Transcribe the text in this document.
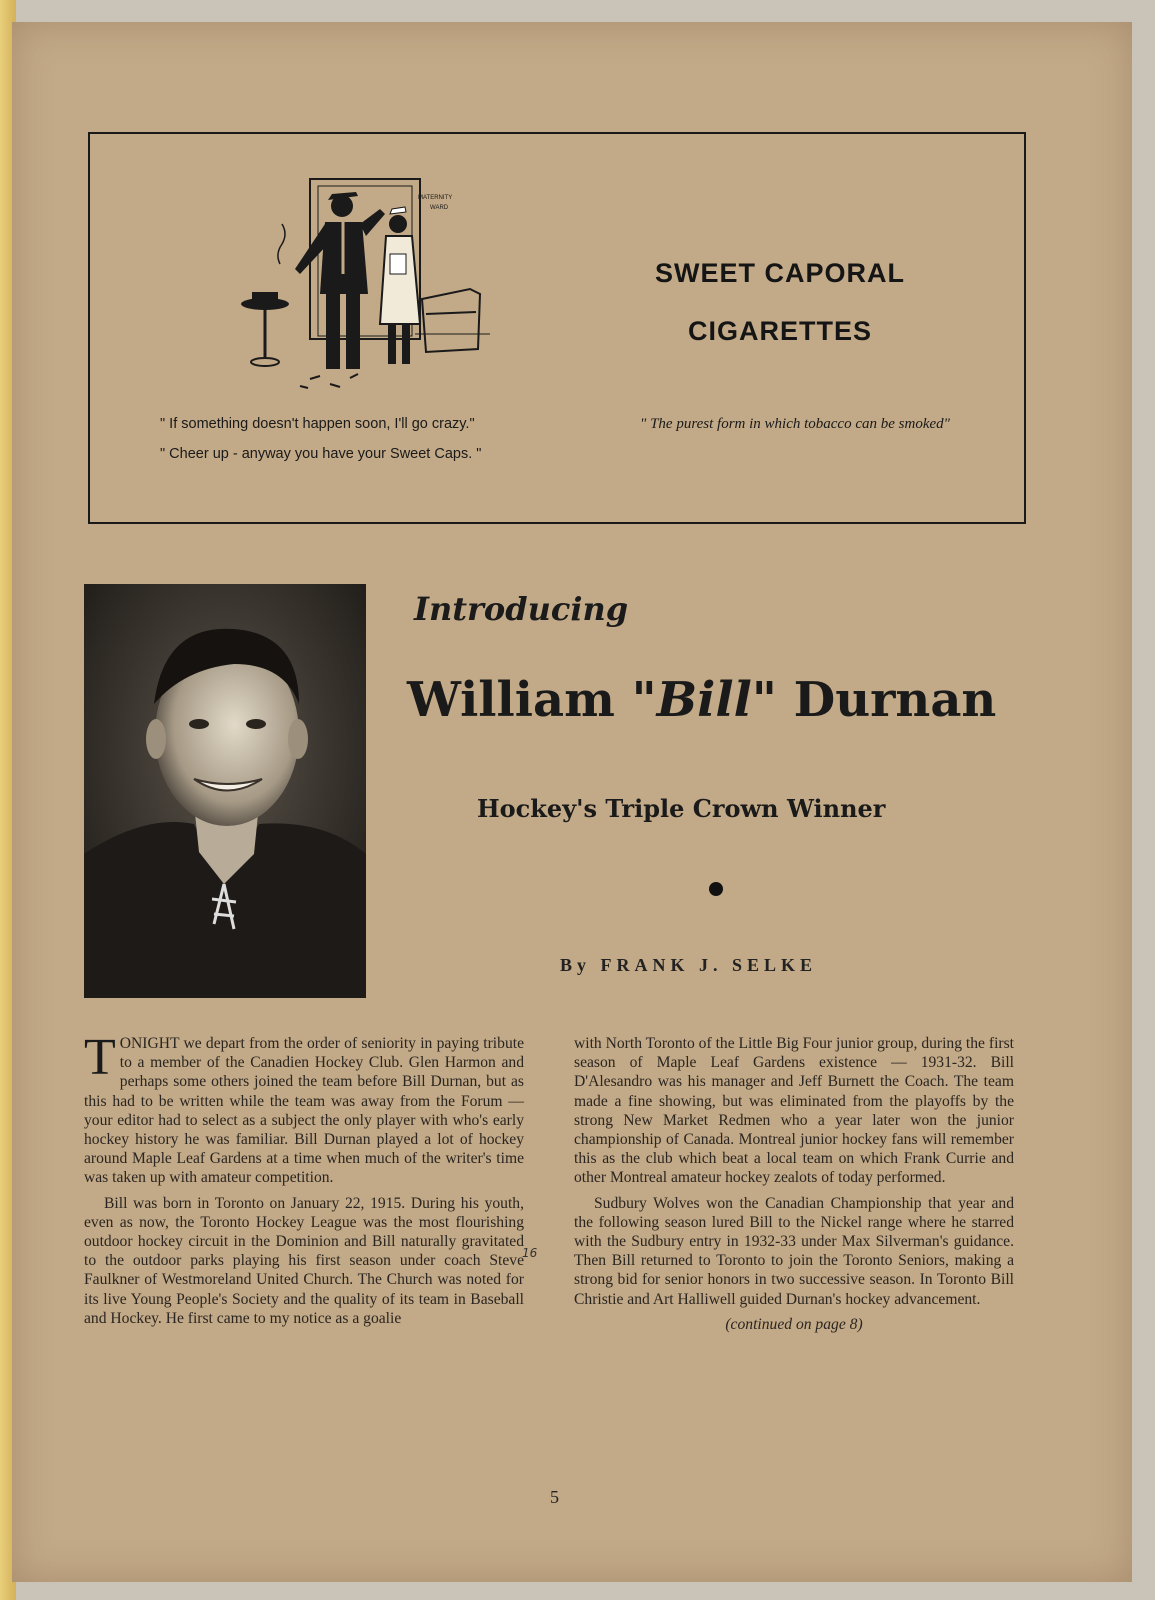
MATERNITY
WARD
SWEET CAPORAL
CIGARETTES
" The purest form in which tobacco can be smoked"
" If something doesn't happen soon, I'll go crazy."
" Cheer up - anyway you have your Sweet Caps. "
Introducing
William "Bill" Durnan
Hockey's Triple Crown Winner
By FRANK J. SELKE

TONIGHT we depart from the order of seniority in paying tribute to a member of the Canadien Hockey Club. Glen Harmon and perhaps some others joined the team before Bill Durnan, but as this had to be written while the team was away from the Forum — your editor had to select as a subject the only player with who's early hockey history he was familiar. Bill Durnan played a lot of hockey around Maple Leaf Gardens at a time when much of the writer's time was taken up with amateur competition.

Bill was born in Toronto on January 22, 1915. During his youth, even as now, the Toronto Hockey League was the most flourishing outdoor hockey circuit in the Dominion and Bill naturally gravitated to the outdoor parks playing his first season under coach Steve Faulkner of Westmoreland United Church. The Church was noted for its live Young People's Society and the quality of its team in Baseball and Hockey. He first came to my notice as a goalie

16

with North Toronto of the Little Big Four junior group, during the first season of Maple Leaf Gardens existence — 1931-32. Bill D'Alesandro was his manager and Jeff Burnett the Coach. The team made a fine showing, but was eliminated from the playoffs by the strong New Market Redmen who a year later won the junior championship of Canada. Montreal junior hockey fans will remember this as the club which beat a local team on which Frank Currie and other Montreal amateur hockey zealots of today performed.

Sudbury Wolves won the Canadian Championship that year and the following season lured Bill to the Nickel range where he starred with the Sudbury entry in 1932-33 under Max Silverman's guidance. Then Bill returned to Toronto to join the Toronto Seniors, making a strong bid for senior honors in two successive season. In Toronto Bill Christie and Art Halliwell guided Durnan's hockey advancement.

(continued on page 8)
5
